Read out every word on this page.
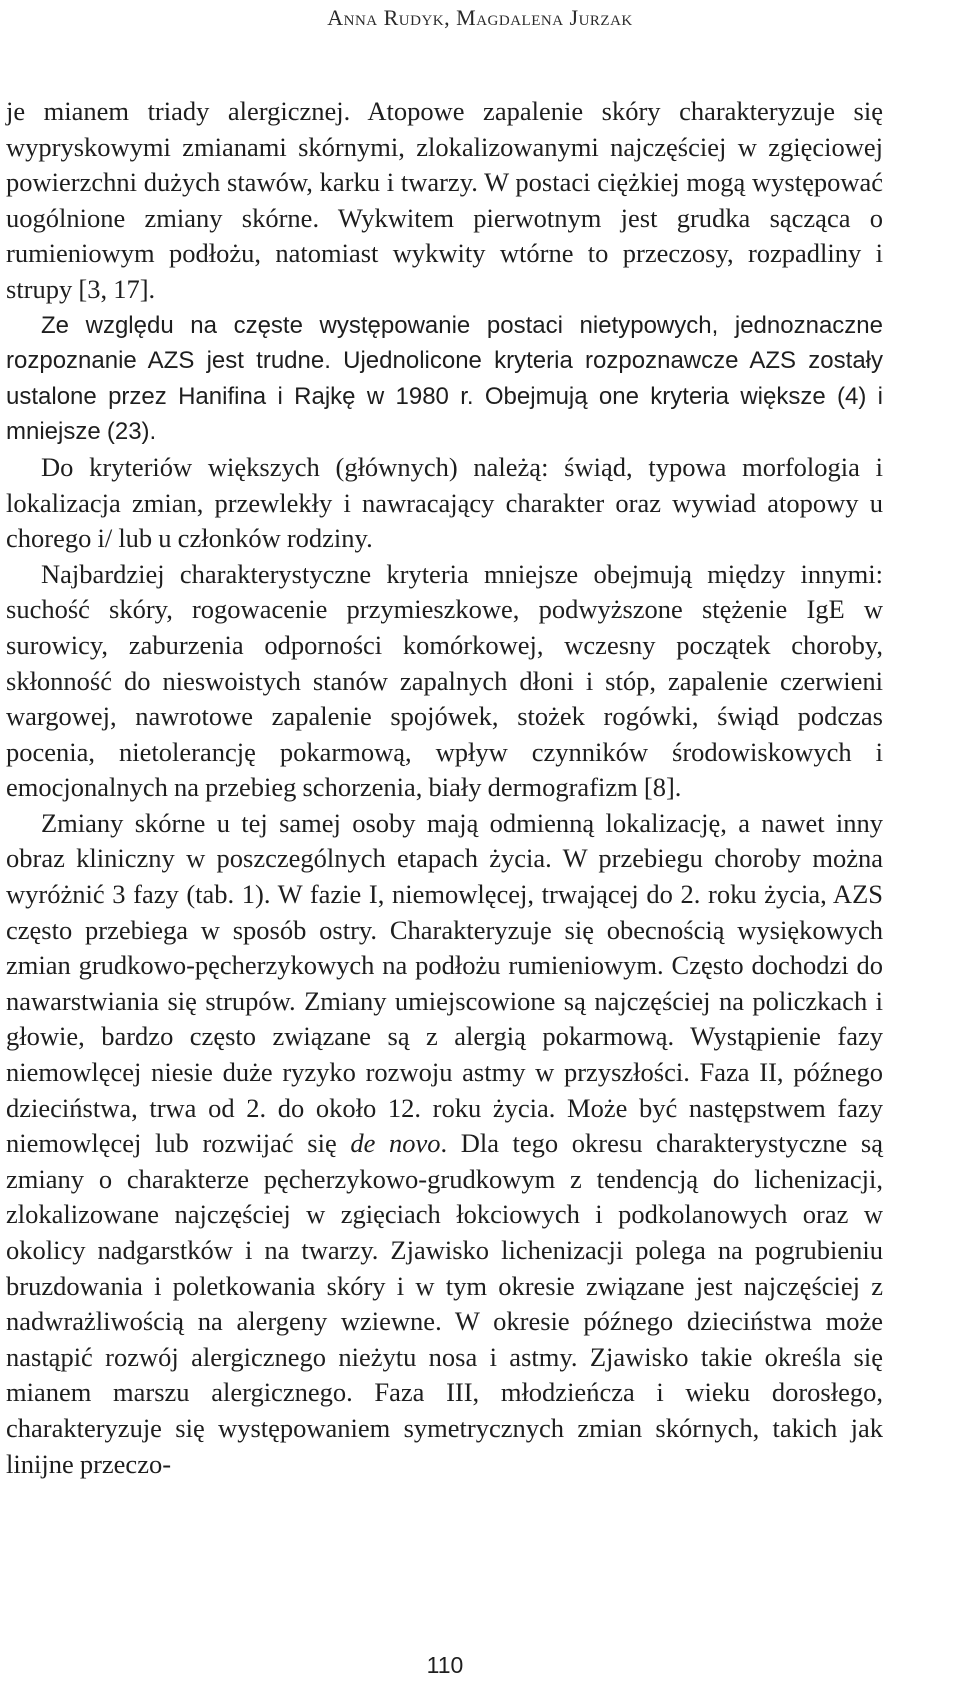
Anna Rudyk, Magdalena Jurzak

je mianem triady alergicznej. Atopowe zapalenie skóry charakteryzuje się wypryskowymi zmianami skórnymi, zlokalizowanymi najczęściej w zgięciowej powierzchni dużych stawów, karku i twarzy. W postaci ciężkiej mogą występować uogólnione zmiany skórne. Wykwitem pierwotnym jest grudka sącząca o rumieniowym podłożu, natomiast wykwity wtórne to przeczosy, rozpadliny i strupy [3, 17].

Ze względu na częste występowanie postaci nietypowych, jednoznaczne rozpoznanie AZS jest trudne. Ujednolicone kryteria rozpoznawcze AZS zostały ustalone przez Hanifina i Rajkę w 1980 r. Obejmują one kryteria większe (4) i mniejsze (23).

Do kryteriów większych (głównych) należą: świąd, typowa morfologia i lokalizacja zmian, przewlekły i nawracający charakter oraz wywiad atopowy u chorego i/ lub u członków rodziny.

Najbardziej charakterystyczne kryteria mniejsze obejmują między innymi: suchość skóry, rogowacenie przymieszkowe, podwyższone stężenie IgE w surowicy, zaburzenia odporności komórkowej, wczesny początek choroby, skłonność do nieswoistych stanów zapalnych dłoni i stóp, zapalenie czerwieni wargowej, nawrotowe zapalenie spojówek, stożek rogówki, świąd podczas pocenia, nietolerancję pokarmową, wpływ czynników środowiskowych i emocjonalnych na przebieg schorzenia, biały dermografizm [8].

Zmiany skórne u tej samej osoby mają odmienną lokalizację, a nawet inny obraz kliniczny w poszczególnych etapach życia. W przebiegu choroby można wyróżnić 3 fazy (tab. 1). W fazie I, niemowlęcej, trwającej do 2. roku życia, AZS często przebiega w sposób ostry. Charakteryzuje się obecnością wysiękowych zmian grudkowo-pęcherzykowych na podłożu rumieniowym. Często dochodzi do nawarstwiania się strupów. Zmiany umiejscowione są najczęściej na policzkach i głowie, bardzo często związane są z alergią pokarmową. Wystąpienie fazy niemowlęcej niesie duże ryzyko rozwoju astmy w przyszłości. Faza II, późnego dzieciństwa, trwa od 2. do około 12. roku życia. Może być następstwem fazy niemowlęcej lub rozwijać się de novo. Dla tego okresu charakterystyczne są zmiany o charakterze pęcherzykowo-grudkowym z tendencją do lichenizacji, zlokalizowane najczęściej w zgięciach łokciowych i podkolanowych oraz w okolicy nadgarstków i na twarzy. Zjawisko lichenizacji polega na pogrubieniu bruzdowania i poletkowania skóry i w tym okresie związane jest najczęściej z nadwrażliwością na alergeny wziewne. W okresie późnego dzieciństwa może nastąpić rozwój alergicznego nieżytu nosa i astmy. Zjawisko takie określa się mianem marszu alergicznego. Faza III, młodzieńcza i wieku dorosłego, charakteryzuje się występowaniem symetrycznych zmian skórnych, takich jak linijne przeczo-

110
